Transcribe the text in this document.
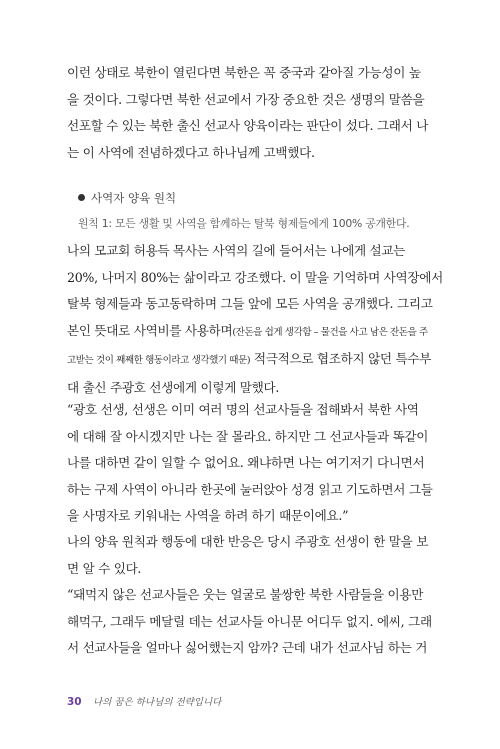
이런 상태로 북한이 열린다면 북한은 꼭 중국과 같아질 가능성이 높
을 것이다. 그렇다면 북한 선교에서 가장 중요한 것은 생명의 말씀을
선포할 수 있는 북한 출신 선교사 양육이라는 판단이 섰다. 그래서 나
는 이 사역에 전념하겠다고 하나님께 고백했다.

사역자 양육 원칙

원칙 1: 모든 생활 및 사역을 함께하는 탈북 형제들에게 100% 공개한다.

나의 모교회 허용득 목사는 사역의 길에 들어서는 나에게 설교는
20%, 나머지 80%는 삶이라고 강조했다. 이 말을 기억하며 사역장에서
탈북 형제들과 동고동락하며 그들 앞에 모든 사역을 공개했다. 그리고
본인 뜻대로 사역비를 사용하며(잔돈을 쉽게 생각함 – 물건을 사고 남은 잔돈을 주
고받는 것이 째째한 행동이라고 생각했기 때문) 적극적으로 협조하지 않던 특수부
대 출신 주광호 선생에게 이렇게 말했다.

“광호 선생, 선생은 이미 여러 명의 선교사들을 접해봐서 북한 사역
에 대해 잘 아시겠지만 나는 잘 몰라요. 하지만 그 선교사들과 똑같이
나를 대하면 같이 일할 수 없어요. 왜냐하면 나는 여기저기 다니면서
하는 구제 사역이 아니라 한곳에 눌러앉아 성경 읽고 기도하면서 그들
을 사명자로 키워내는 사역을 하려 하기 때문이에요.”

나의 양육 원칙과 행동에 대한 반응은 당시 주광호 선생이 한 말을 보
면 알 수 있다.

“돼먹지 않은 선교사들은 웃는 얼굴로 불쌍한 북한 사람들을 이용만
해먹구, 그래두 메달릴 데는 선교사들 아니문 어디두 없지. 에씨, 그래
서 선교사들을 얼마나 싫어했는지 암까? 근데 내가 선교사님 하는 거

30 나의 꿈은 하나님의 전략입니다
